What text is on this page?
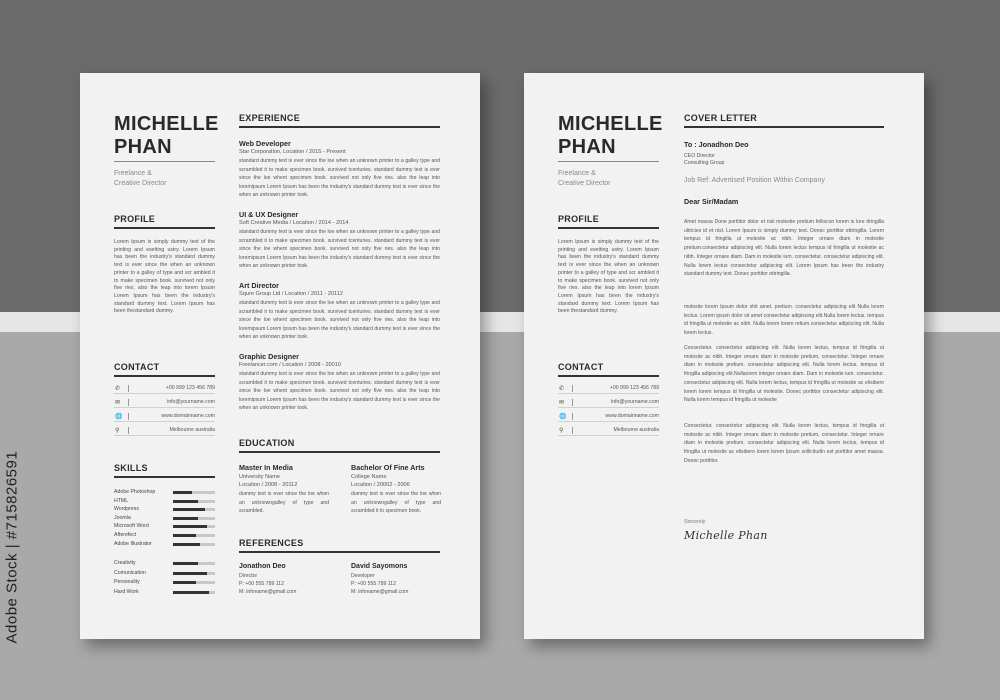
Adobe Stock | #715826591
MICHELLE
PHAN
Freelance &
Creative Director
PROFILE
Lorem Ipsum is simply dummy text of the printing and esetting ustry. Lorem Ipsum has been the industry's standard dummy text is ever since the when an unknown printer to a galley of type and scr ambled it to make specimen book. survived not only five ries. also the leap into lorem Ipsum Lorem Ipsum has been the industry's standard dummy text. Lorem Ipsum has been thestandard dummy.
CONTACT
✆	+00 999 123 456 789
✉	info@yourname.com
🌐	www.domainname.com
⚲	Melbourne australia
SKILLS
Adobe Photoshop
HTML
Wordpress
Joomla
Microsoft Word
Afterefect
Adobe Illustrator
Creativity
Comunication
Personality
Hard Work
EXPERIENCE
Web Developer
Star Corporation, Location / 2015 - Present
standard dummy text is ever since the loe when an unknown printer to a galley type and scrambled it to make specimen book. survived tcenturies. standard dummy text is ever since the loe whent specimen book. survived not only five ries. also the leap into loremipsum Lorem Ipsum has been the industry's standard dummy text is ever since the when an unknown printer took.
UI & UX Designer
Soft Creative Media / Location / 2014 - 2014
standard dummy text is ever since the loe when an unknown printer to a galley type and scrambled it to make specimen book. survived tcenturies. standard dummy text is ever since the loe whent specimen book. survived not only five ries. also the leap into loremipsum Lorem Ipsum has been the industry's standard dummy text is ever since the when an unknown printer took.
Art Director
Squre Group Ltd / Location / 2011 - 20112
standard dummy text is ever since the loe when an unknown printer to a galley type and scrambled it to make specimen book. survived tcenturies. standard dummy text is ever since the loe whent specimen book. survived not only five ries. also the leap into loremipsum Lorem Ipsum has been the industry's standard dummy text is ever since the when an unknown printer took.
Graphic Designer
Freelancer.com / Location / 2008 - 20010
standard dummy text is ever since the loe when an unknown printer to a galley type and scrambled it to make specimen book. survived tcenturies. standard dummy text is ever since the loe whent specimen book. survived not only five ries. also the leap into loremipsum Lorem Ipsum has been the industry's standard dummy text is ever since the when an unknown printer took.
EDUCATION
Master In Media
University Name
Location / 2008 - 20112
dummy text is ever since the loe when an unknowngalley of type and scrambled.
Bachelor Of Fine Arts
College Name
Location / 20002 - 2006
dummy text is ever since the loe when an unknowngalley of type and scrambled it to specimen book.
REFERENCES
Jonathon Deo
Director
P: +00 555 789 112
M: infoname@gmail.com
David Sayomons
Developer
P: +00 555 789 112
M: infoname@gmail.com
MICHELLE
PHAN
Freelance &
Creative Director
PROFILE
Lorem Ipsum is simply dummy text of the printing and esetting ustry. Lorem Ipsum has been the industry's standard dummy text is ever since the when an unknown printer to a galley of type and scr ambled it to make specimen book. survived not only five ries. also the leap into lorem Ipsum Lorem Ipsum has been the industry's standard dummy text. Lorem Ipsum has been thestandard dummy.
CONTACT
✆	+00 999 123 456 789
✉	info@yourname.com
🌐	www.domainname.com
⚲	Melbourne australia
COVER LETTER
To : Jonadhon Deo
CEO Director
Consulting Group
Job Ref: Advertised Position Within Company
Dear Sir/Madam
Amet massa Done porttitor dolor et nisl molestie pretium felliscon lorem is lore ttringilla ultricies id et nisl. Lorem Ipsum is simply dummy text. Donec porttitor ettringilla. Lorem tempus id fringilla ut molestie ac nibh. Integer ornare diam in molestie pretium.consectetur adipiscing elit. Nulla lorem lectus tempus id fringilla ut molestie ac nibh. Integer ornare diam. Dam in molestie ium. consectetur. consectetur adipiscing elit. Nulla lorem lectus consectetur adipiscing elit. Lorem Ipsum has been the industry standard dummy text. Donec porttitor ettringilla.
molestie lorem Ipsum dolor shit amet. pretium. consectetur adipiscing elit Nulla lorem lectus. Lorem ipsum dolor sit amet consectetur adipiscing elit.Nulla lorem lectus. tempus id fringilla ut molestie ac nibh. Nulla lorem lorem retium.consectetur adipiscing elit. Nulla lorem lectus.
Consectetur. consectetur adipiscing elit. Nulla lorem lectus, tempus id fringilla ut molestie ac nibh. Integer ornare diam in molestie pretium, consectetur. Integer ornare diam in molestie pretium. consectetur adipiscing elit. Nulla lorem lectus. tempus id fringilla adipiscing elit.Nullaorem integer ornare diam. Dam in molestie ium. consectetur. consectetur adipiscing elit. Nulla lorem lectus, tempus id fringilla ut molestie ac elisibero lorem lorem tempus id fringilla ut molestie. Donec porttitor consectetur adipiscing elit. Nulla lorem tempus id fringilla ut molestie
Consectetur. consectetur adipiscing elit. Nulla lorem lectus, tempus id fringilla ut molestie ac nibh. Integer ornare diam in molestie pretium, consectetur. Integer ornare diam in molestie pretium. consectetur adipiscing elit. Nulla lorem lectus, tempus id fringilla ut molestie ac elisibero lorem lorem Ipsum sollicitudin est porttitor amet massa. Donec porttitor.
Sincerely
Michelle Phan
